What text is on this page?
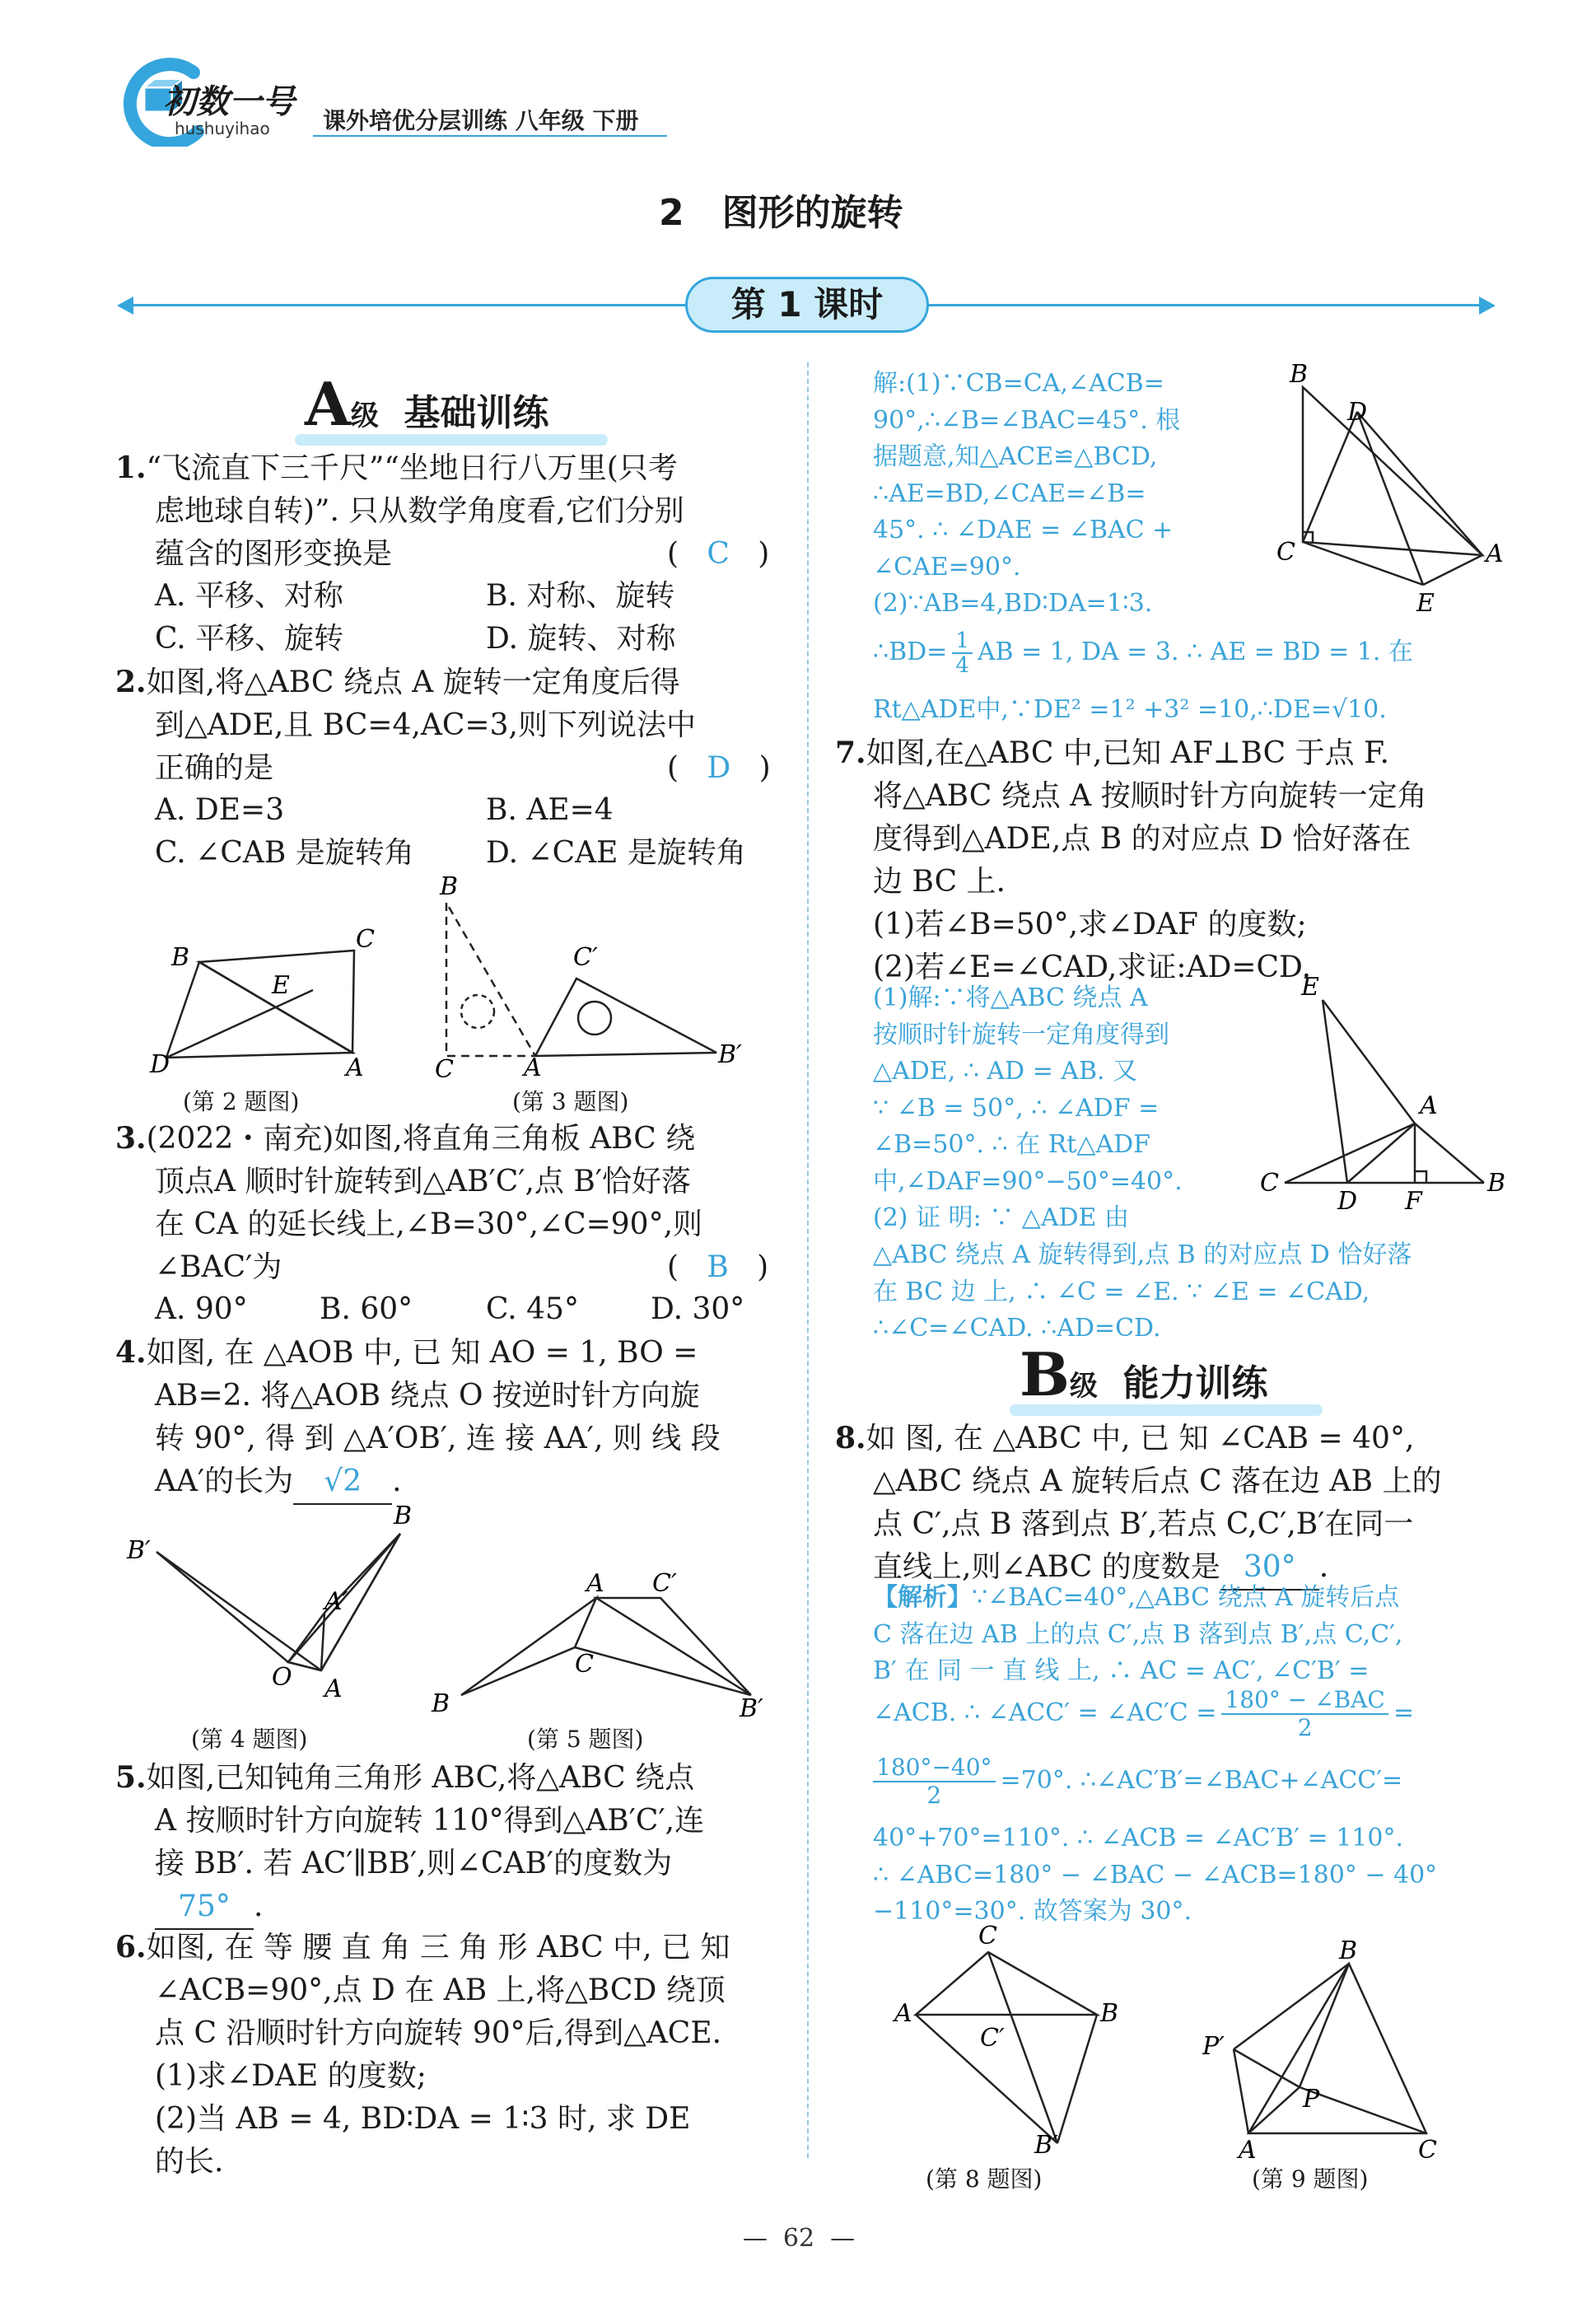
初数一号
hushuyihao 课外培优分层训练 八年级 下册
2 图形的旋转
第 1 课时
A级 基础训练
1.“飞流直下三千尺”“坐地日行八万里(只考
虑地球自转)”. 只从数学角度看,它们分别
蕴含的图形变换是	(   C   )
A. 平移、对称	B. 对称、旋转
C. 平移、旋转	D. 旋转、对称
2.如图,将△ABC 绕点 A 旋转一定角度后得
到△ADE,且 BC=4,AC=3,则下列说法中
正确的是	(   D   )
A. DE=3	B. AE=4
C. ∠CAB 是旋转角 D. ∠CAE 是旋转角
B
C
E
D	A
(第 2 题图)
B
C	A
C′
B′
(第 3 题图)
3.(2022・南充)如图,将直角三角板 ABC 绕
顶点A 顺时针旋转到△AB′C′,点 B′恰好落
在 CA 的延长线上,∠B=30°,∠C=90°,则
∠BAC′为	(   B   )
A. 90° B. 60° C. 45° D. 30°
4.如图, 在 △AOB 中, 已 知 AO = 1, BO =
AB=2. 将△AOB 绕点 O 按逆时针方向旋
转 90°, 得 到 △A′OB′, 连 接 AA′, 则 线 段
AA′的长为 √2 .
B′
B
A′
O A
(第 4 题图)
A C′
C
B	B′
(第 5 题图)
5.如图,已知钝角三角形 ABC,将△ABC 绕点
A 按顺时针方向旋转 110°得到△AB′C′,连
接 BB′. 若 AC′∥BB′,则∠CAB′的度数为
75° .
6.如图, 在 等 腰 直 角 三 角 形 ABC 中, 已 知
∠ACB=90°,点 D 在 AB 上,将△BCD 绕顶
点 C 沿顺时针方向旋转 90°后,得到△ACE.
(1)求∠DAE 的度数;
(2)当 AB = 4, BD∶DA = 1∶3 时, 求 DE
的长.
解:(1)∵CB=CA,∠ACB=
90°,∴∠B=∠BAC=45°. 根
据题意,知△ACE≌△BCD,
∴AE=BD,∠CAE=∠B=
45°. ∴ ∠DAE = ∠BAC +
∠CAE=90°.
(2)∵AB=4,BD∶DA=1∶3.
∴BD= $\frac{1}{4}$ AB = 1, DA = 3. ∴ AE = BD = 1. 在
Rt△ADE中,∵DE² =1² +3² =10,∴DE=√10.
B
D
C	A
E
7.如图,在△ABC 中,已知 AF⊥BC 于点 F.
将△ABC 绕点 A 按顺时针方向旋转一定角
度得到△ADE,点 B 的对应点 D 恰好落在
边 BC 上.
(1)若∠B=50°,求∠DAF 的度数;
(2)若∠E=∠CAD,求证:AD=CD.
(1)解:∵将△ABC 绕点 A
按顺时针旋转一定角度得到
△ADE, ∴ AD = AB. 又
∵ ∠B = 50°, ∴ ∠ADF =
∠B=50°. ∴ 在 Rt△ADF
中,∠DAF=90°−50°=40°.
(2) 证 明: ∵ △ADE 由
△ABC 绕点 A 旋转得到,点 B 的对应点 D 恰好落
在 BC 边 上, ∴ ∠C = ∠E. ∵ ∠E = ∠CAD,
∴∠C=∠CAD. ∴AD=CD.
E
A
C
D F
B
B级 能力训练
8.如 图, 在 △ABC 中, 已 知 ∠CAB = 40°,
△ABC 绕点 A 旋转后点 C 落在边 AB 上的
点 C′,点 B 落到点 B′,若点 C,C′,B′在同一
直线上,则∠ABC 的度数是 30° .
【解析】∵∠BAC=40°,△ABC 绕点 A 旋转后点
C 落在边 AB 上的点 C′,点 B 落到点 B′,点 C,C′,
B′ 在 同 一 直 线 上, ∴ AC = AC′, ∠C′B′ =
∠ACB. ∴ ∠ACC′ = ∠AC′C = 180° − ∠BAC
2
=
$\frac{180^\circ-40^\circ}{2} =70^\circ$. ∴∠AC′B′=∠BAC+∠ACC′=
40°+70°=110°. ∴ ∠ACB = ∠AC′B′ = 110°.
∴ ∠ABC=180° − ∠BAC − ∠ACB=180° − 40°
−110°=30°. 故答案为 30°.
C
A
C′
B
B′
(第 8 题图)
B
P′
P
A	C
(第 9 题图)
—  62  —
